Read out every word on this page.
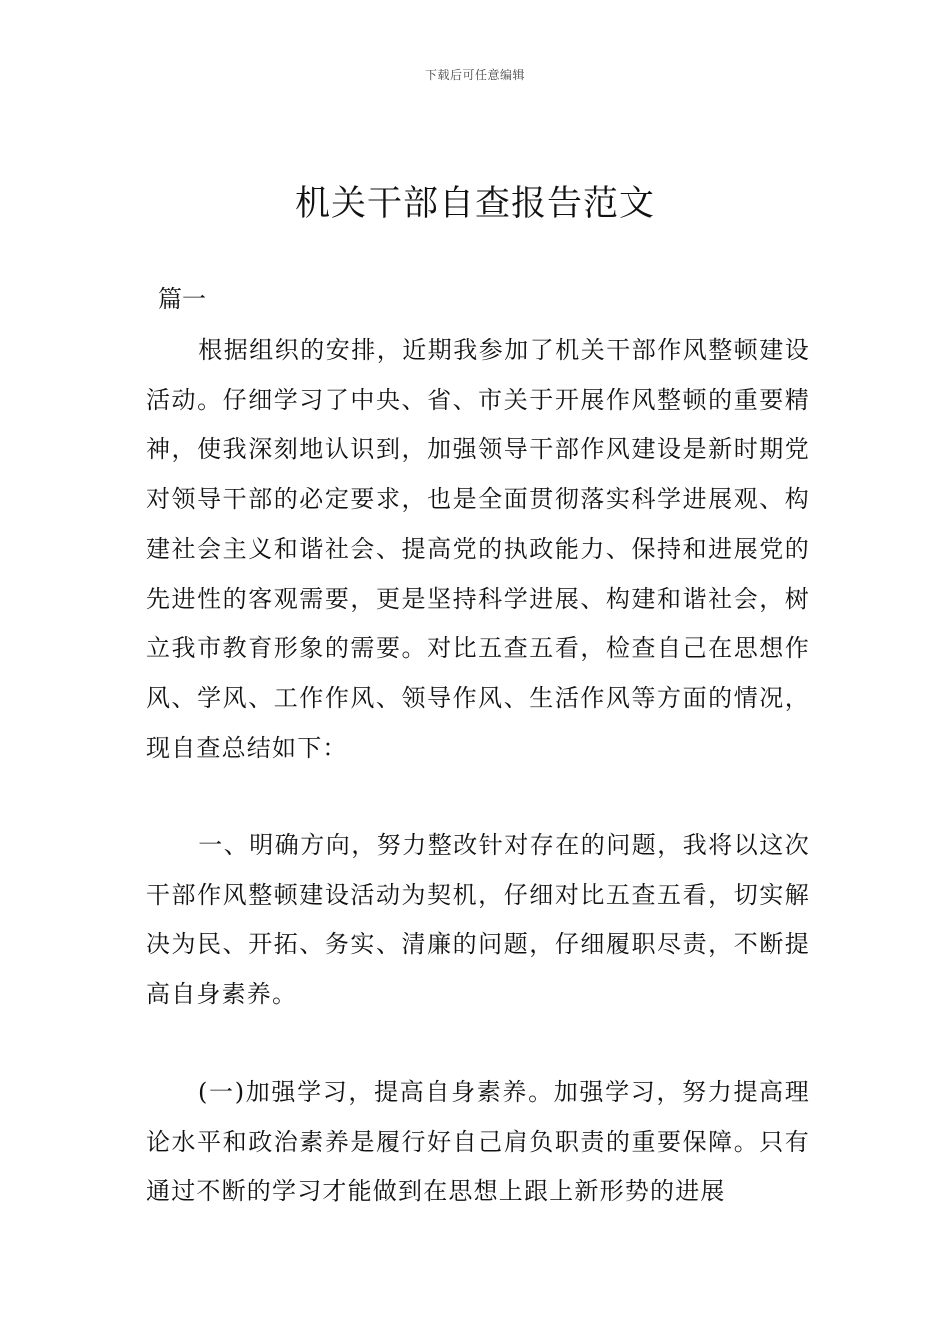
下载后可任意编辑
机关干部自查报告范文
篇一

根据组织的安排，近期我参加了机关干部作风整顿建设活动。仔细学习了中央、省、市关于开展作风整顿的重要精神，使我深刻地认识到，加强领导干部作风建设是新时期党对领导干部的必定要求，也是全面贯彻落实科学进展观、构建社会主义和谐社会、提高党的执政能力、保持和进展党的先进性的客观需要，更是坚持科学进展、构建和谐社会，树立我市教育形象的需要。对比五查五看，检查自己在思想作风、学风、工作作风、领导作风、生活作风等方面的情况，现自查总结如下：

一、明确方向，努力整改针对存在的问题，我将以这次干部作风整顿建设活动为契机，仔细对比五查五看，切实解决为民、开拓、务实、清廉的问题，仔细履职尽责，不断提高自身素养。

(一)加强学习，提高自身素养。加强学习，努力提高理论水平和政治素养是履行好自己肩负职责的重要保障。只有通过不断的学习才能做到在思想上跟上新形势的进展
